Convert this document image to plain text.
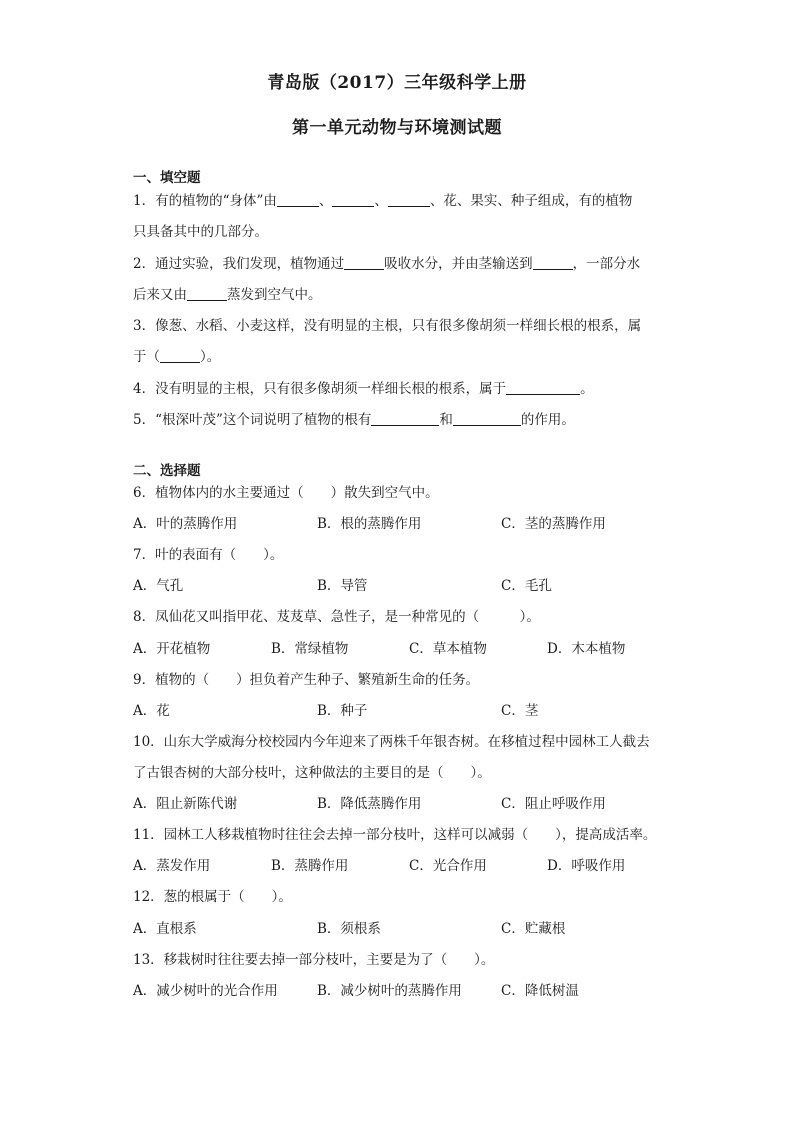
青岛版（2017）三年级科学上册
第一单元动物与环境测试题
一、填空题
1．有的植物的“身体”由	、	、	、花、果实、种子组成，有的植物
只具备其中的几部分。
2．通过实验，我们发现，植物通过	吸收水分，并由茎输送到	，一部分水
后来又由	蒸发到空气中。
3．像葱、水稻、小麦这样，没有明显的主根，只有很多像胡须一样细长根的根系，属
于（	）。
4．没有明显的主根，只有很多像胡须一样细长根的根系，属于	。
5．“根深叶茂”这个词说明了植物的根有	和	的作用。
二、选择题
6．植物体内的水主要通过（　　）散失到空气中。
A．叶的蒸腾作用	B．根的蒸腾作用	C．茎的蒸腾作用
7．叶的表面有（　　）。
A．气孔	B．导管	C．毛孔
8．凤仙花又叫指甲花、芨芨草、急性子，是一种常见的（　　　）。
A．开花植物	B．常绿植物	C．草本植物	D．木本植物
9．植物的（　　）担负着产生种子、繁殖新生命的任务。
A．花	B．种子	C．茎
10．山东大学威海分校校园内今年迎来了两株千年银杏树。在移植过程中园林工人截去
了古银杏树的大部分枝叶，这种做法的主要目的是（　　）。
A．阻止新陈代谢	B．降低蒸腾作用	C．阻止呼吸作用
11．园林工人移栽植物时往往会去掉一部分枝叶，这样可以减弱（　　），提高成活率。
A．蒸发作用	B．蒸腾作用	C．光合作用	D．呼吸作用
12．葱的根属于（　　）。
A．直根系	B．须根系	C．贮藏根
13．移栽树时往往要去掉一部分枝叶，主要是为了（　　）。
A．减少树叶的光合作用	B．减少树叶的蒸腾作用	C．降低树温
